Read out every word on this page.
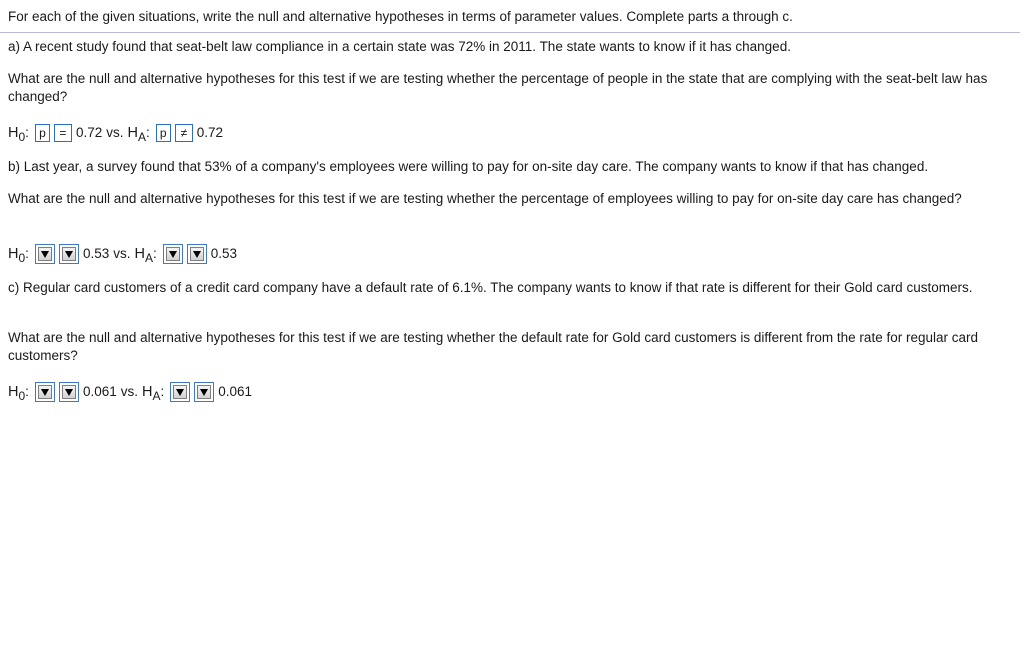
For each of the given situations, write the null and alternative hypotheses in terms of parameter values. Complete parts a through c.
a) A recent study found that seat-belt law compliance in a certain state was 72% in 2011. The state wants to know if it has changed.
What are the null and alternative hypotheses for this test if we are testing whether the percentage of people in the state that are complying with the seat-belt law has changed?
H 0 : p	= 0.72 vs. H A : p	≠ 0.72
b) Last year, a survey found that 53% of a company's employees were willing to pay for on-site day care. The company wants to know if that has changed.
What are the null and alternative hypotheses for this test if we are testing whether the percentage of employees willing to pay for on-site day care has changed?
H 0 :	0.53 vs. H A :	0.53
c) Regular card customers of a credit card company have a default rate of 6.1%. The company wants to know if that rate is different for their Gold card customers.
What are the null and alternative hypotheses for this test if we are testing whether the default rate for Gold card customers is different from the rate for regular card customers?
H 0 :	0.061 vs. H A :	0.061
